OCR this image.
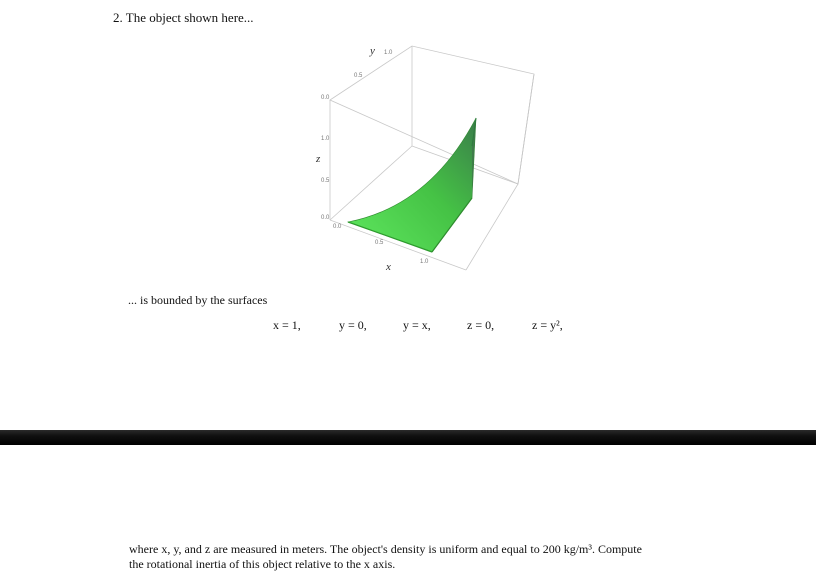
2. The object shown here...
y
z
x
0.0
0.5
1.0
0.0
0.5
1.0
0.0
0.5
1.0
... is bounded by the surfaces
x = 1,	y = 0,	y = x,	z = 0,	z = y²,
where x, y, and z are measured in meters. The object's density is uniform and equal to 200 kg/m³. Compute
the rotational inertia of this object relative to the x axis.
